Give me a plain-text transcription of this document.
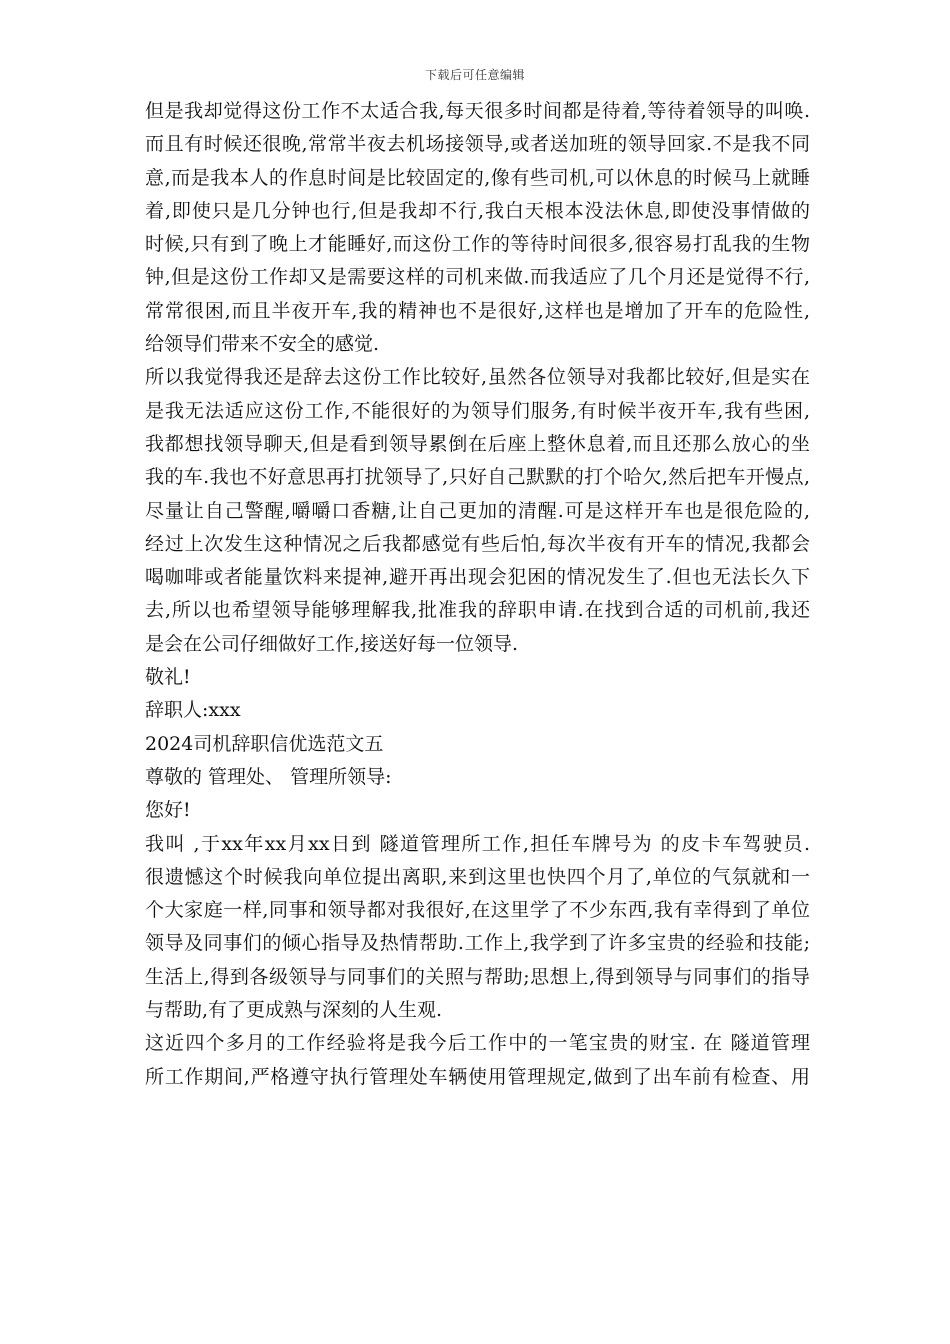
下载后可任意编辑
但是我却觉得这份工作不太适合我,每天很多时间都是待着,等待着领导的叫唤.
而且有时候还很晚,常常半夜去机场接领导,或者送加班的领导回家.不是我不同
意,而是我本人的作息时间是比较固定的,像有些司机,可以休息的时候马上就睡
着,即使只是几分钟也行,但是我却不行,我白天根本没法休息,即使没事情做的
时候,只有到了晚上才能睡好,而这份工作的等待时间很多,很容易打乱我的生物
钟,但是这份工作却又是需要这样的司机来做.而我适应了几个月还是觉得不行,
常常很困,而且半夜开车,我的精神也不是很好,这样也是增加了开车的危险性,
给领导们带来不安全的感觉.
所以我觉得我还是辞去这份工作比较好,虽然各位领导对我都比较好,但是实在
是我无法适应这份工作,不能很好的为领导们服务,有时候半夜开车,我有些困,
我都想找领导聊天,但是看到领导累倒在后座上整休息着,而且还那么放心的坐
我的车.我也不好意思再打扰领导了,只好自己默默的打个哈欠,然后把车开慢点,
尽量让自己警醒,嚼嚼口香糖,让自己更加的清醒.可是这样开车也是很危险的,
经过上次发生这种情况之后我都感觉有些后怕,每次半夜有开车的情况,我都会
喝咖啡或者能量饮料来提神,避开再出现会犯困的情况发生了.但也无法长久下
去,所以也希望领导能够理解我,批准我的辞职申请.在找到合适的司机前,我还
是会在公司仔细做好工作,接送好每一位领导.
敬礼!
辞职人:xxx
2024司机辞职信优选范文五
尊敬的 管理处、 管理所领导:
您好!
我叫 ,于xx年xx月xx日到 隧道管理所工作,担任车牌号为 的皮卡车驾驶员.
很遗憾这个时候我向单位提出离职,来到这里也快四个月了,单位的气氛就和一
个大家庭一样,同事和领导都对我很好,在这里学了不少东西,我有幸得到了单位
领导及同事们的倾心指导及热情帮助.工作上,我学到了许多宝贵的经验和技能;
生活上,得到各级领导与同事们的关照与帮助;思想上,得到领导与同事们的指导
与帮助,有了更成熟与深刻的人生观.
这近四个多月的工作经验将是我今后工作中的一笔宝贵的财宝. 在 隧道管理
所工作期间,严格遵守执行管理处车辆使用管理规定,做到了出车前有检查、用
